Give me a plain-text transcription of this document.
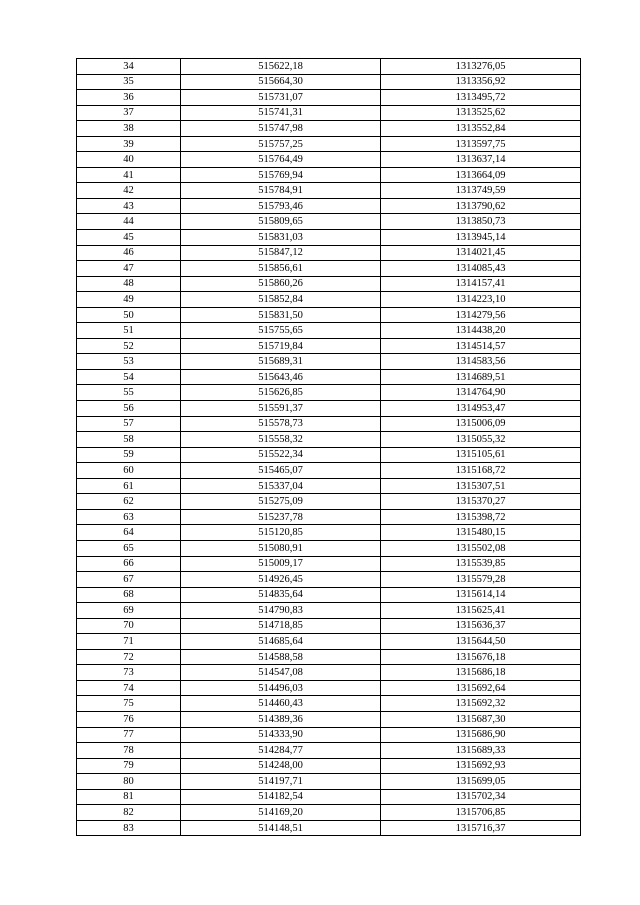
34	515622,18	1313276,05
35	515664,30	1313356,92
36	515731,07	1313495,72
37	515741,31	1313525,62
38	515747,98	1313552,84
39	515757,25	1313597,75
40	515764,49	1313637,14
41	515769,94	1313664,09
42	515784,91	1313749,59
43	515793,46	1313790,62
44	515809,65	1313850,73
45	515831,03	1313945,14
46	515847,12	1314021,45
47	515856,61	1314085,43
48	515860,26	1314157,41
49	515852,84	1314223,10
50	515831,50	1314279,56
51	515755,65	1314438,20
52	515719,84	1314514,57
53	515689,31	1314583,56
54	515643,46	1314689,51
55	515626,85	1314764,90
56	515591,37	1314953,47
57	515578,73	1315006,09
58	515558,32	1315055,32
59	515522,34	1315105,61
60	515465,07	1315168,72
61	515337,04	1315307,51
62	515275,09	1315370,27
63	515237,78	1315398,72
64	515120,85	1315480,15
65	515080,91	1315502,08
66	515009,17	1315539,85
67	514926,45	1315579,28
68	514835,64	1315614,14
69	514790,83	1315625,41
70	514718,85	1315636,37
71	514685,64	1315644,50
72	514588,58	1315676,18
73	514547,08	1315686,18
74	514496,03	1315692,64
75	514460,43	1315692,32
76	514389,36	1315687,30
77	514333,90	1315686,90
78	514284,77	1315689,33
79	514248,00	1315692,93
80	514197,71	1315699,05
81	514182,54	1315702,34
82	514169,20	1315706,85
83	514148,51	1315716,37
